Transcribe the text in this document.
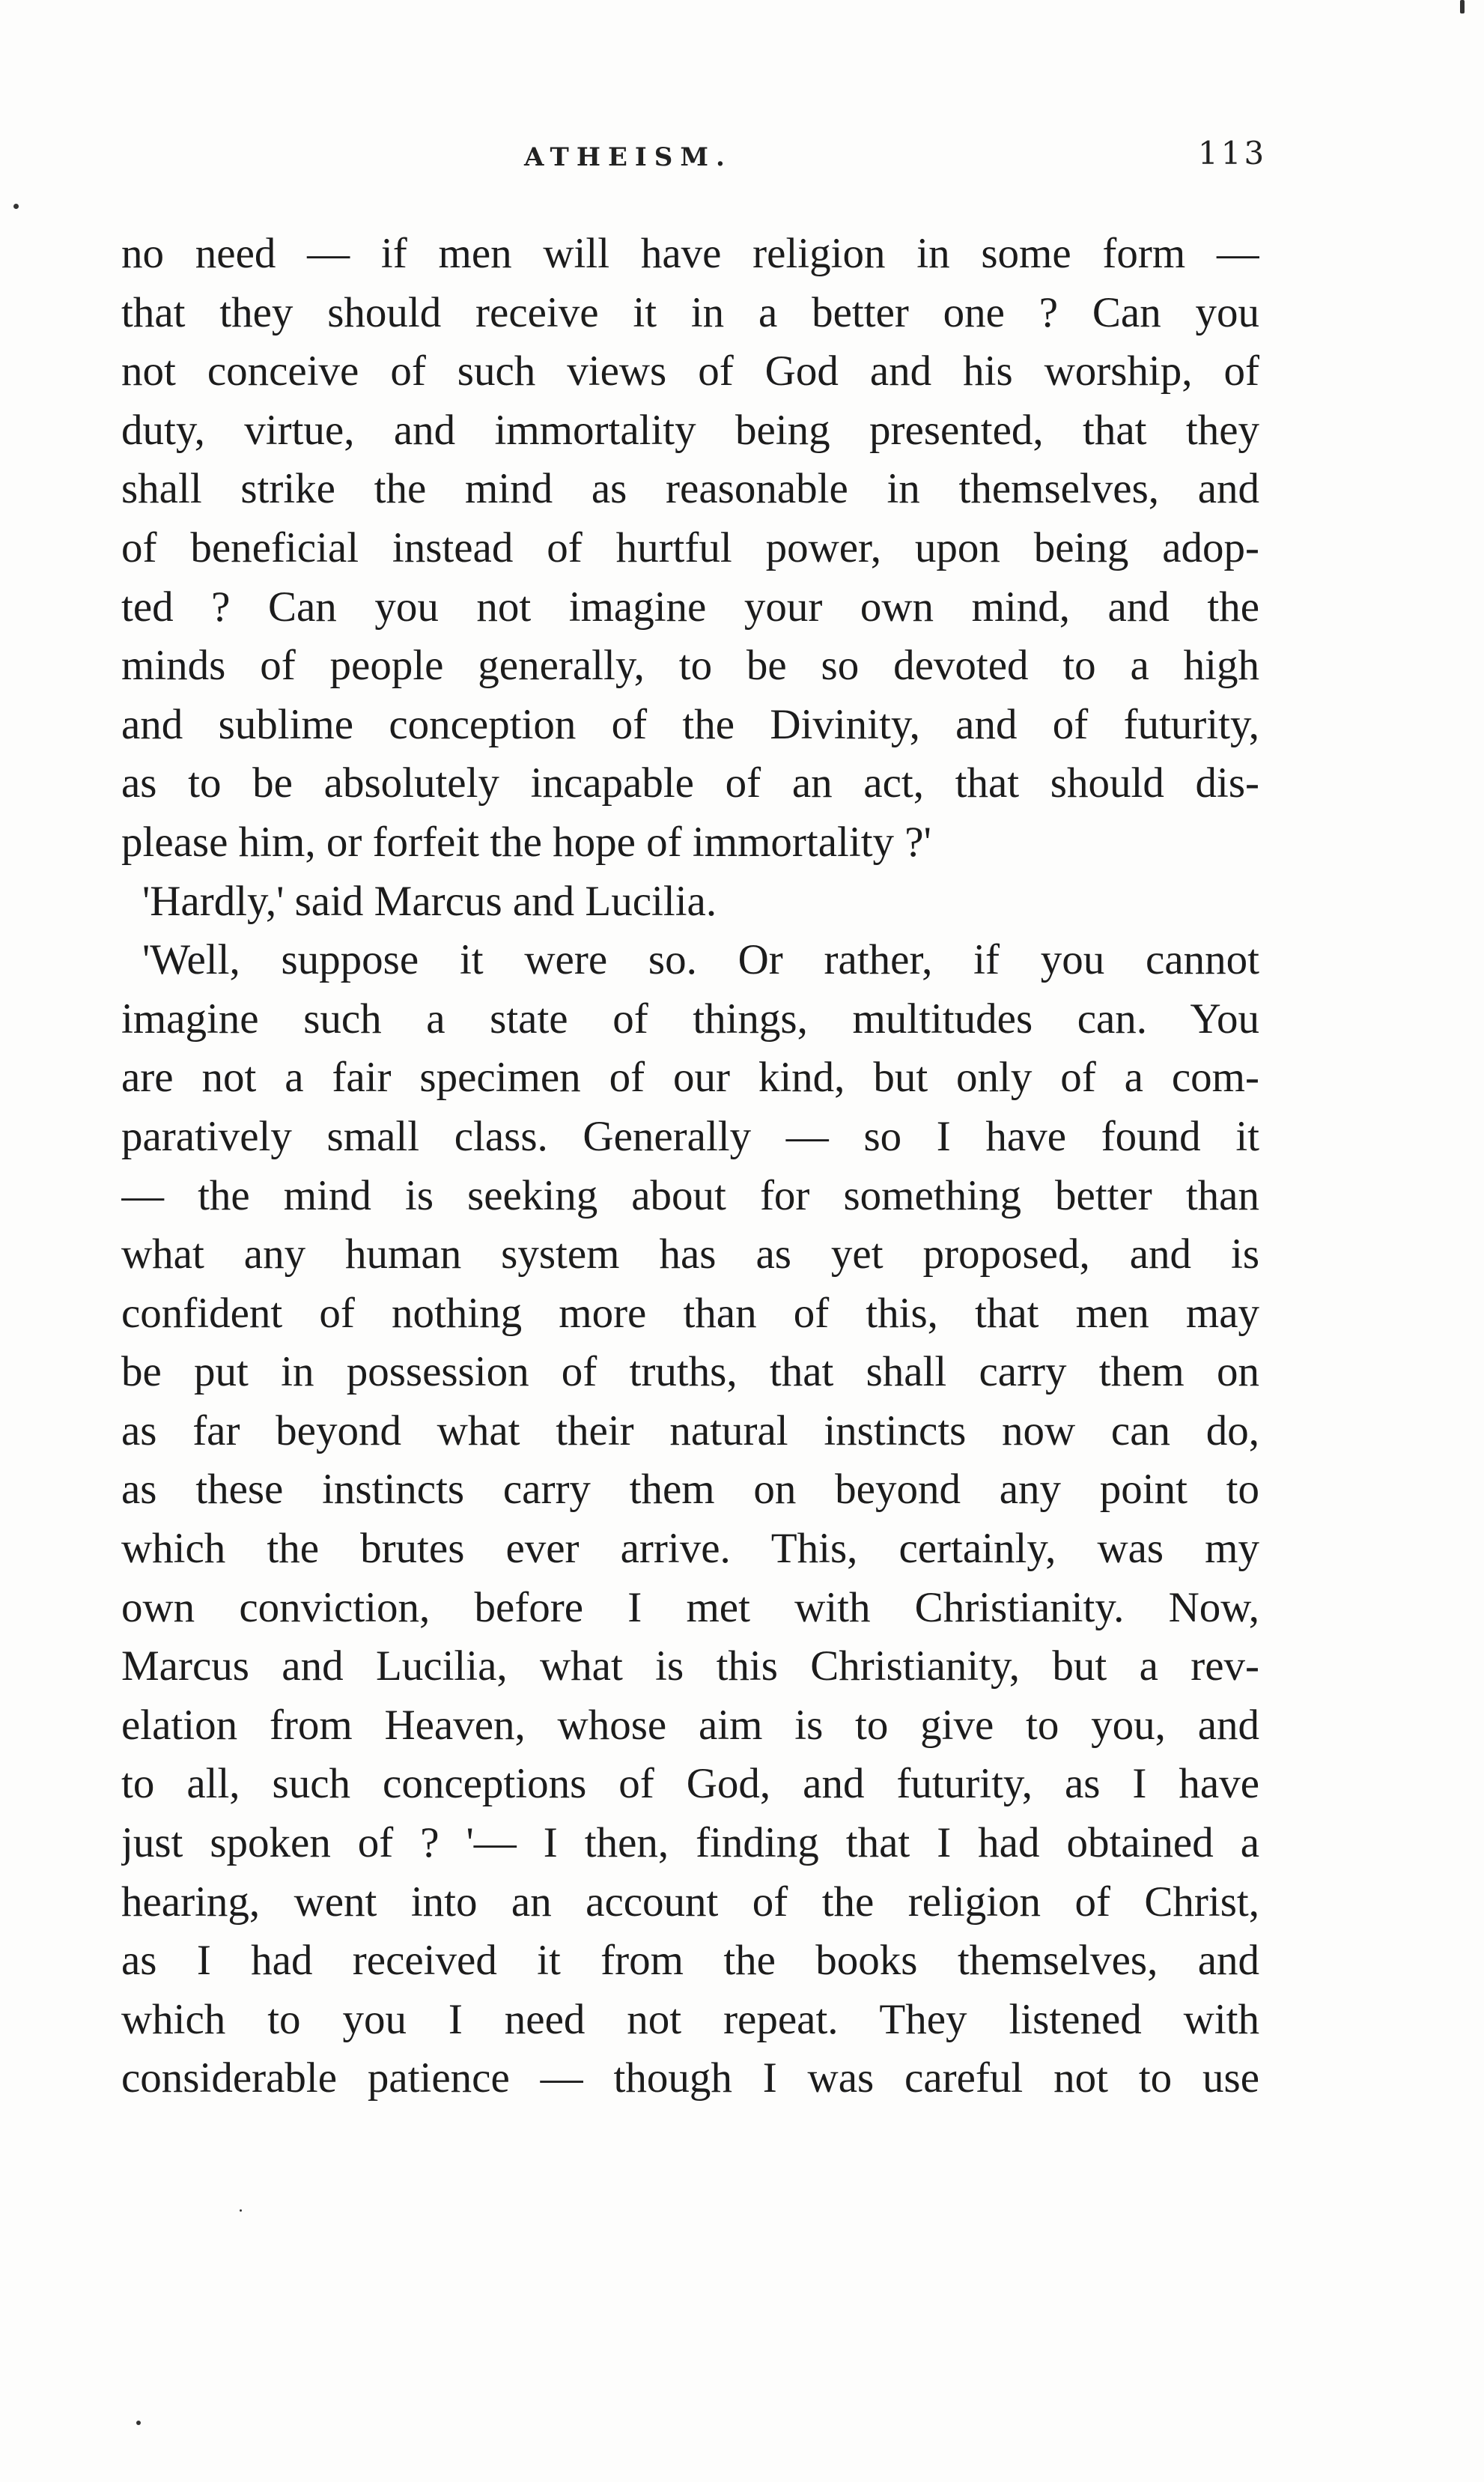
ATHEISM.	113
no need — if men will have religion in some form —
that they should receive it in a better one ? Can you
not conceive of such views of God and his worship, of
duty, virtue, and immortality being presented, that they
shall strike the mind as reasonable in themselves, and
of beneficial instead of hurtful power, upon being adop-
ted ? Can you not imagine your own mind, and the
minds of people generally, to be so devoted to a high
and sublime conception of the Divinity, and of futurity,
as to be absolutely incapable of an act, that should dis-
please him, or forfeit the hope of immortality ?'
'Hardly,' said Marcus and Lucilia.
'Well, suppose it were so. Or rather, if you cannot
imagine such a state of things, multitudes can. You
are not a fair specimen of our kind, but only of a com-
paratively small class. Generally — so I have found it
— the mind is seeking about for something better than
what any human system has as yet proposed, and is
confident of nothing more than of this, that men may
be put in possession of truths, that shall carry them on
as far beyond what their natural instincts now can do,
as these instincts carry them on beyond any point to
which the brutes ever arrive. This, certainly, was my
own conviction, before I met with Christianity. Now,
Marcus and Lucilia, what is this Christianity, but a rev-
elation from Heaven, whose aim is to give to you, and
to all, such conceptions of God, and futurity, as I have
just spoken of ? '— I then, finding that I had obtained a
hearing, went into an account of the religion of Christ,
as I had received it from the books themselves, and
which to you I need not repeat. They listened with
considerable patience — though I was careful not to use
